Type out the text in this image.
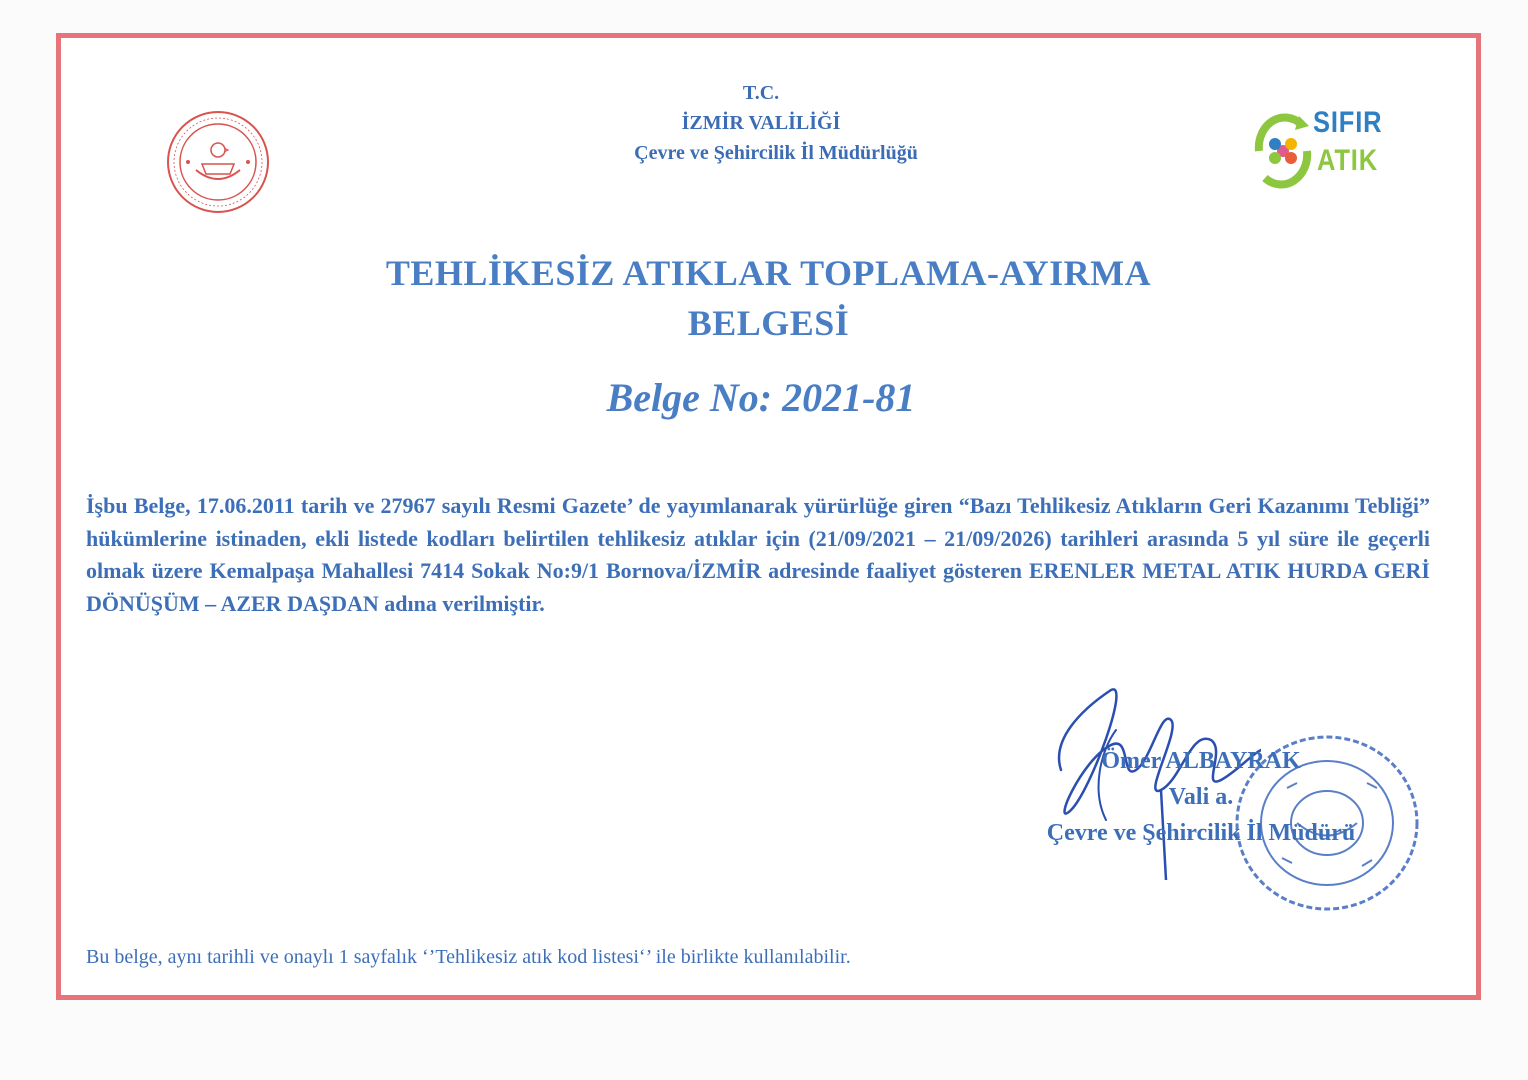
T.C.
İZMİR VALİLİĞİ
Çevre ve Şehircilik İl Müdürlüğü
SIFIR
ATIK
TEHLİKESİZ ATIKLAR TOPLAMA-AYIRMA
BELGESİ
Belge No: 2021-81
İşbu Belge, 17.06.2011 tarih ve 27967 sayılı Resmi Gazete’ de yayımlanarak yürürlüğe giren “Bazı Tehlikesiz Atıkların Geri Kazanımı Tebliği” hükümlerine istinaden, ekli listede kodları belirtilen tehlikesiz atıklar için (21/09/2021 – 21/09/2026) tarihleri arasında 5 yıl süre ile geçerli olmak üzere Kemalpaşa Mahallesi 7414 Sokak No:9/1 Bornova/İZMİR adresinde faaliyet gösteren ERENLER METAL ATIK HURDA GERİ DÖNÜŞÜM – AZER DAŞDAN adına verilmiştir.
Ömer ALBAYRAK
Vali a.
Çevre ve Şehircilik İl Müdürü
Bu belge, aynı tarihli ve onaylı 1 sayfalık ‘’Tehlikesiz atık kod listesi‘’ ile birlikte kullanılabilir.
